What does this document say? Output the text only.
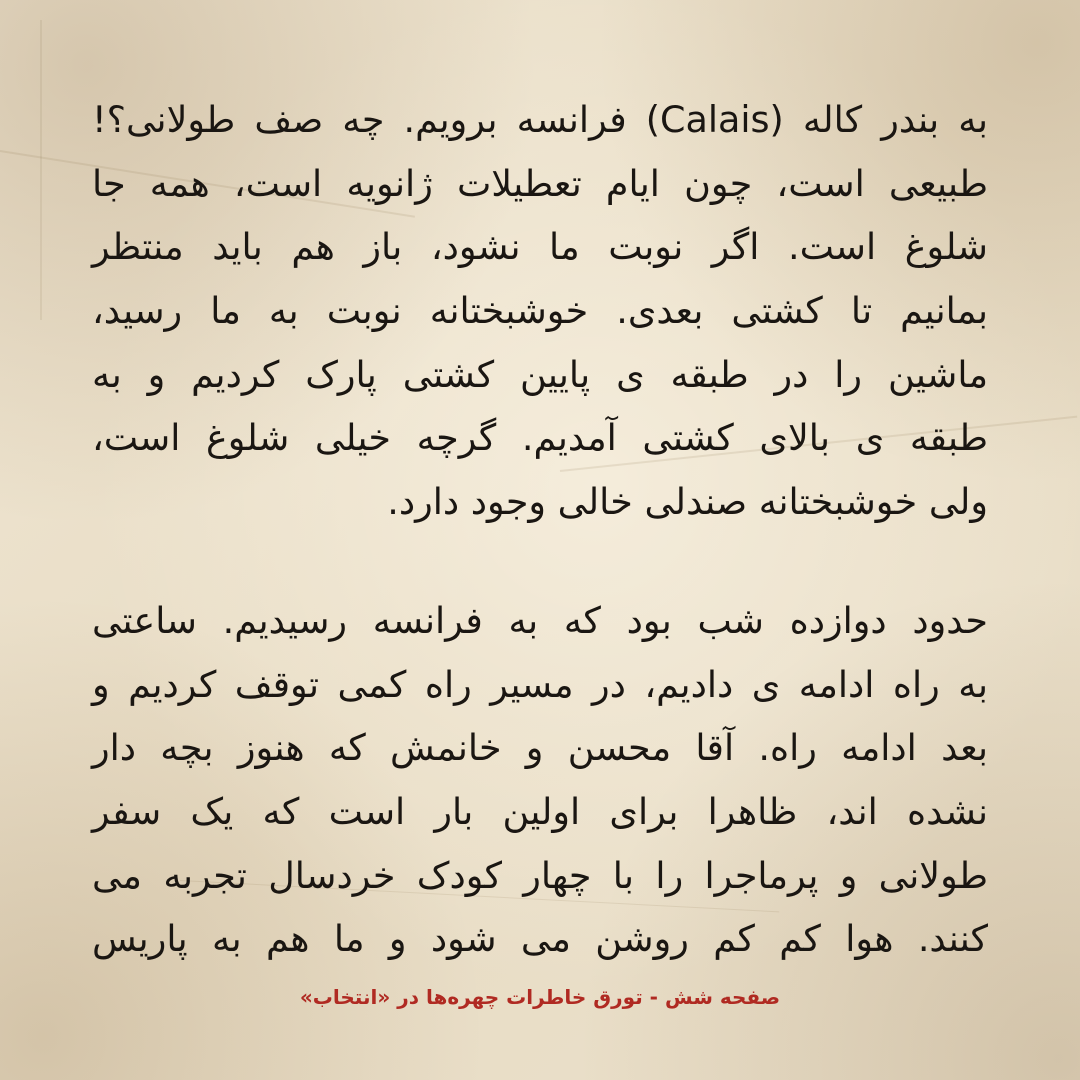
به بندر کاله (Calais) فرانسه برویم. چه صف طولانی؟!
طبیعی است، چون ایام تعطیلات ژانویه است، همه جا
شلوغ است. اگر نوبت ما نشود، باز هم باید منتظر
بمانیم تا کشتی بعدی. خوشبختانه نوبت به ما رسید،
ماشین را در طبقه ی پایین کشتی پارک کردیم و به
طبقه ی بالای کشتی آمدیم. گرچه خیلی شلوغ است،
ولی خوشبختانه صندلی خالی وجود دارد.
حدود دوازده شب بود که به فرانسه رسیدیم. ساعتی
به راه ادامه ی دادیم، در مسیر راه کمی توقف کردیم و
بعد ادامه راه. آقا محسن و خانمش که هنوز بچه دار
نشده اند، ظاهرا برای اولین بار است که یک سفر
طولانی و پرماجرا را با چهار کودک خردسال تجربه می
کنند. هوا کم کم روشن می شود و ما هم به پاریس
صفحه شش - تورق خاطرات چهره‌ها در «انتخاب»
